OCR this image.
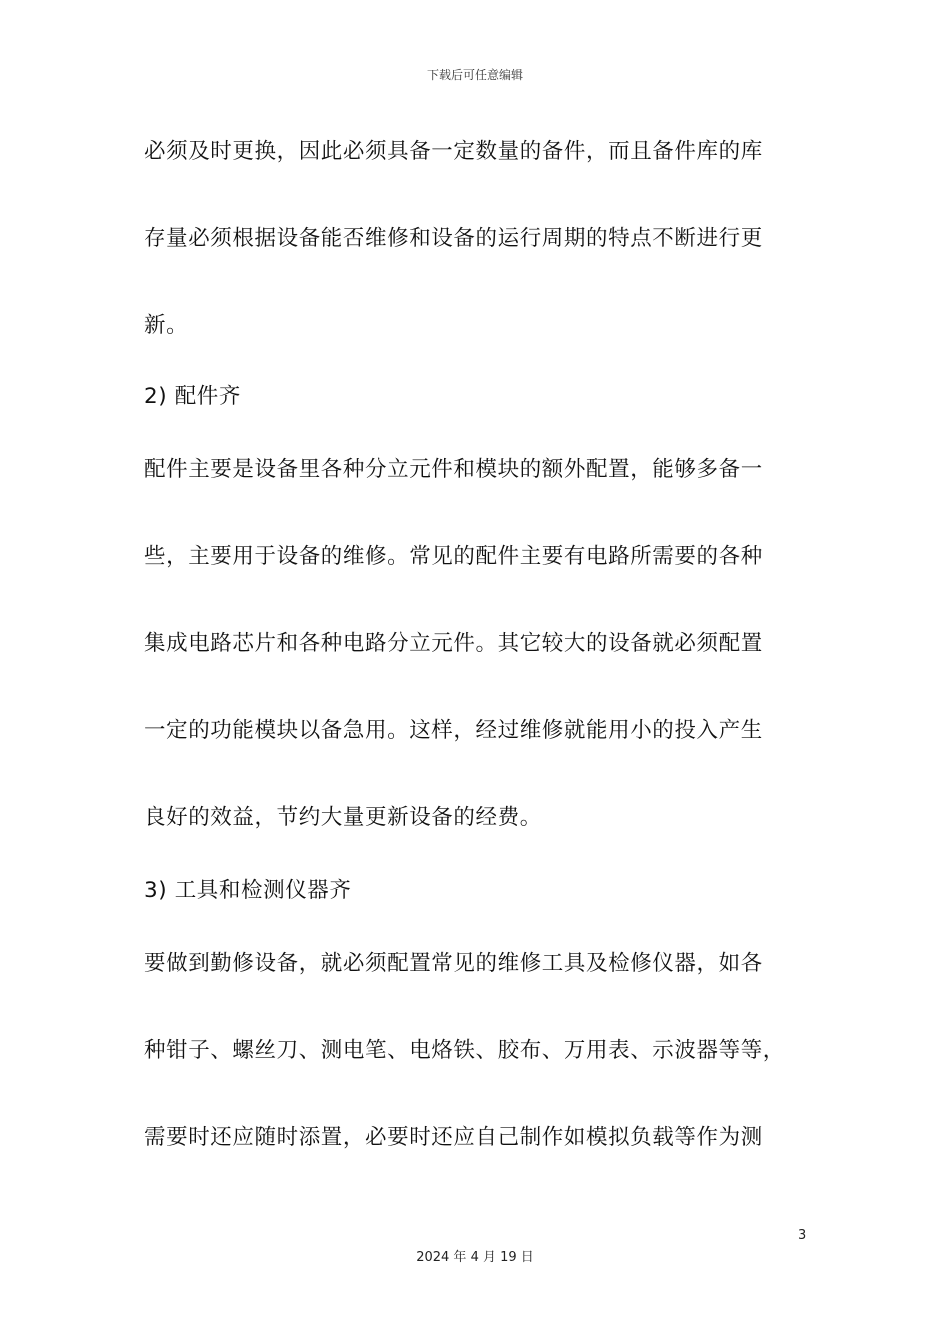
下载后可任意编辑
必须及时更换，因此必须具备一定数量的备件，而且备件库的库
存量必须根据设备能否维修和设备的运行周期的特点不断进行更
新。
2) 配件齐
配件主要是设备里各种分立元件和模块的额外配置，能够多备一
些，主要用于设备的维修。常见的配件主要有电路所需要的各种
集成电路芯片和各种电路分立元件。其它较大的设备就必须配置
一定的功能模块以备急用。这样，经过维修就能用小的投入产生
良好的效益，节约大量更新设备的经费。
3) 工具和检测仪器齐
要做到勤修设备，就必须配置常见的维修工具及检修仪器，如各
种钳子、螺丝刀、测电笔、电烙铁、胶布、万用表、示波器等等，
需要时还应随时添置，必要时还应自己制作如模拟负载等作为测
3
2024 年 4 月 19 日
